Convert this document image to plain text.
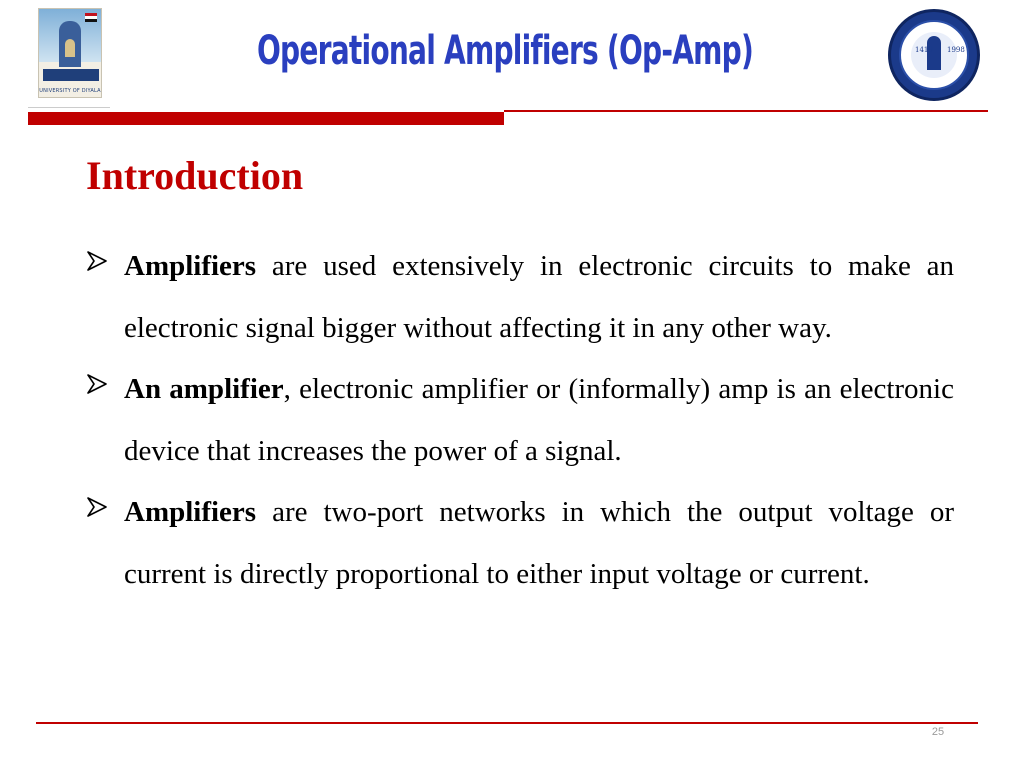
UNIVERSITY OF DIYALA
Operational Amplifiers (Op-Amp)	1419 1998
Introduction

Amplifiers are used extensively in electronic circuits to make an electronic signal bigger without affecting it in any other way.

An amplifier, electronic amplifier or (informally) amp is an electronic device that increases the power of a signal.

Amplifiers are two-port networks in which the output voltage or current is directly proportional to either input voltage or current.

25
